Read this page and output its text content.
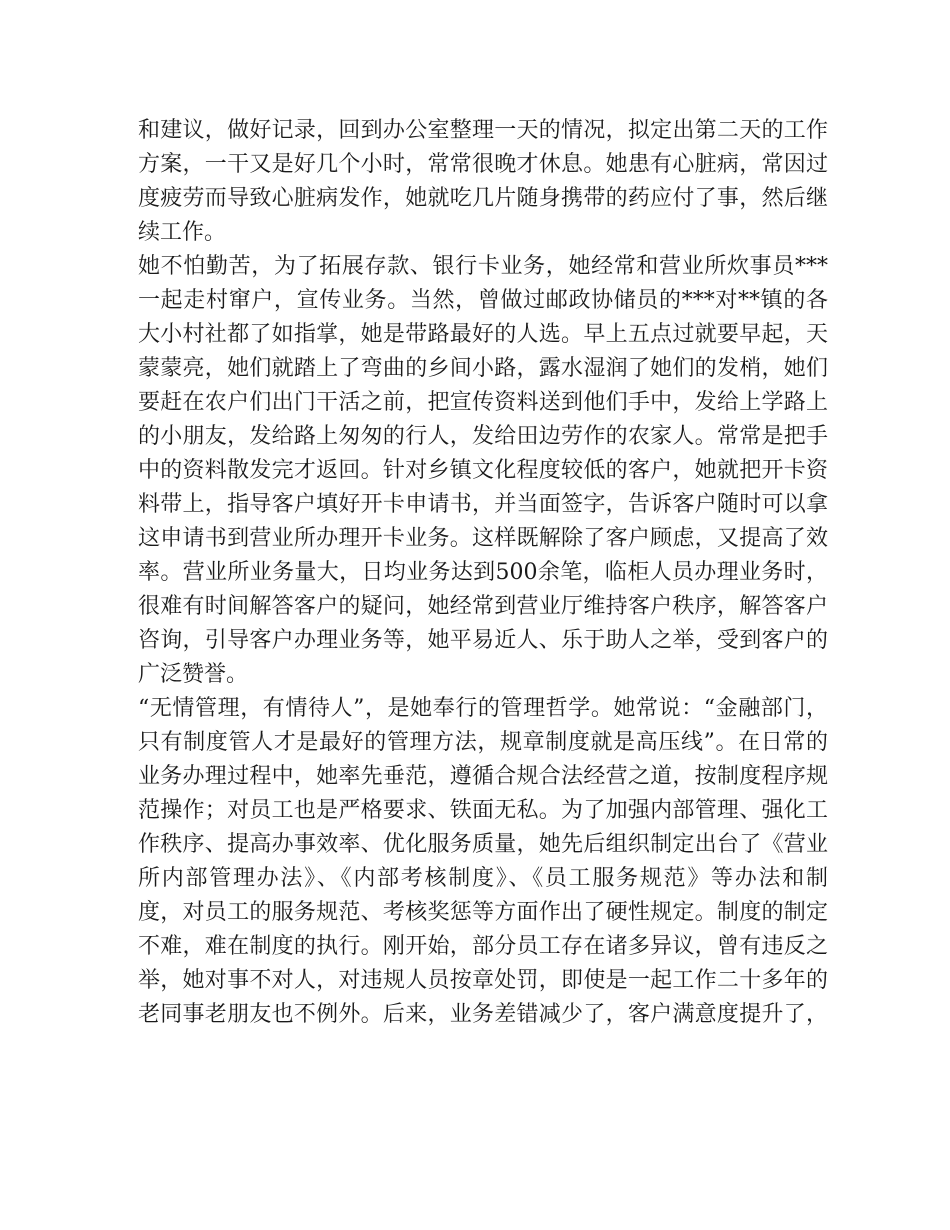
和建议，做好记录，回到办公室整理一天的情况，拟定出第二天的工作
方案，一干又是好几个小时，常常很晚才休息。她患有心脏病，常因过
度疲劳而导致心脏病发作，她就吃几片随身携带的药应付了事，然后继
续工作。
她不怕勤苦，为了拓展存款、银行卡业务，她经常和营业所炊事员***
一起走村窜户，宣传业务。当然，曾做过邮政协储员的***对**镇的各
大小村社都了如指掌，她是带路最好的人选。早上五点过就要早起，天
蒙蒙亮，她们就踏上了弯曲的乡间小路，露水湿润了她们的发梢，她们
要赶在农户们出门干活之前，把宣传资料送到他们手中，发给上学路上
的小朋友，发给路上匆匆的行人，发给田边劳作的农家人。常常是把手
中的资料散发完才返回。针对乡镇文化程度较低的客户，她就把开卡资
料带上，指导客户填好开卡申请书，并当面签字，告诉客户随时可以拿
这申请书到营业所办理开卡业务。这样既解除了客户顾虑，又提高了效
率。营业所业务量大，日均业务达到500余笔，临柜人员办理业务时，
很难有时间解答客户的疑问，她经常到营业厅维持客户秩序，解答客户
咨询，引导客户办理业务等，她平易近人、乐于助人之举，受到客户的
广泛赞誉。
“无情管理，有情待人”，是她奉行的管理哲学。她常说：“金融部门，
只有制度管人才是最好的管理方法，规章制度就是高压线”。在日常的
业务办理过程中，她率先垂范，遵循合规合法经营之道，按制度程序规
范操作；对员工也是严格要求、铁面无私。为了加强内部管理、强化工
作秩序、提高办事效率、优化服务质量，她先后组织制定出台了《营业
所内部管理办法》、《内部考核制度》、《员工服务规范》等办法和制
度，对员工的服务规范、考核奖惩等方面作出了硬性规定。制度的制定
不难，难在制度的执行。刚开始，部分员工存在诸多异议，曾有违反之
举，她对事不对人，对违规人员按章处罚，即使是一起工作二十多年的
老同事老朋友也不例外。后来，业务差错减少了，客户满意度提升了，
